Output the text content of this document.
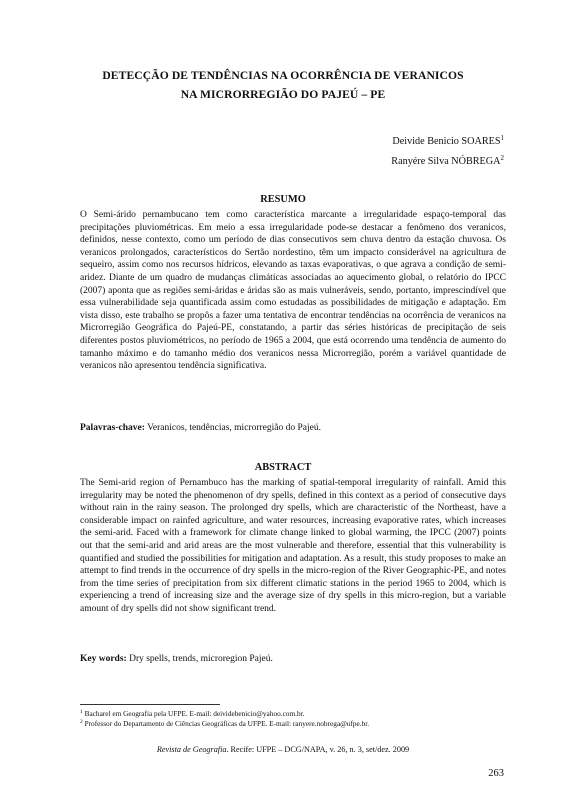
DETECÇÃO DE TENDÊNCIAS NA OCORRÊNCIA DE VERANICOS
NA MICRORREGIÃO DO PAJEÚ – PE
Deivide Benicio SOARES$^1$
Ranyére Silva NÓBREGA$^2$
RESUMO

O Semi-árido pernambucano tem como característica marcante a irregularidade espaço-temporal das precipitações pluviométricas. Em meio a essa irregularidade pode-se destacar a fenômeno dos veranicos, definidos, nesse contexto, como um período de dias consecutivos sem chuva dentro da estação chuvosa. Os veranicos prolongados, característicos do Sertão nordestino, têm um impacto considerável na agricultura de sequeiro, assim como nos recursos hídricos, elevando as taxas evaporativas, o que agrava a condição de semi-aridez. Diante de um quadro de mudanças climáticas associadas ao aquecimento global, o relatório do IPCC (2007) aponta que as regiões semi-áridas e áridas são as mais vulneráveis, sendo, portanto, imprescindível que essa vulnerabilidade seja quantificada assim como estudadas as possibilidades de mitigação e adaptação. Em vista disso, este trabalho se propôs a fazer uma tentativa de encontrar tendências na ocorrência de veranicos na Microrregião Geográfica do Pajeú-PE, constatando, a partir das séries históricas de precipitação de seis diferentes postos pluviométricos, no período de 1965 a 2004, que está ocorrendo uma tendência de aumento do tamanho máximo e do tamanho médio dos veranicos nessa Microrregião, porém a variável quantidade de veranicos não apresentou tendência significativa.

Palavras-chave: Veranicos, tendências, microrregião do Pajeú.
ABSTRACT

The Semi-arid region of Pernambuco has the marking of spatial-temporal irregularity of rainfall. Amid this irregularity may be noted the phenomenon of dry spells, defined in this context as a period of consecutive days without rain in the rainy season. The prolonged dry spells, which are characteristic of the Northeast, have a considerable impact on rainfed agriculture, and water resources, increasing evaporative rates, which increases the semi-arid. Faced with a framework for climate change linked to global warming, the IPCC (2007) points out that the semi-arid and arid areas are the most vulnerable and therefore, essential that this vulnerability is quantified and studied the possibilities for mitigation and adaptation. As a result, this study proposes to make an attempt to find trends in the occurrence of dry spells in the micro-region of the River Geographic-PE, and notes from the time series of precipitation from six different climatic stations in the period 1965 to 2004, which is experiencing a trend of increasing size and the average size of dry spells in this micro-region, but a variable amount of dry spells did not show significant trend.

Key words: Dry spells, trends, microregion Pajeú.
$^1$ Bacharel em Geografia pela UFPE. E-mail: deividebenicio@yahoo.com.br.
$^2$ Professor do Departamento de Ciências Geográficas da UFPE. E-mail: ranyere.nobrega@ufpe.br.
Revista de Geografia. Recife: UFPE – DCG/NAPA, v. 26, n. 3, set/dez. 2009
263
